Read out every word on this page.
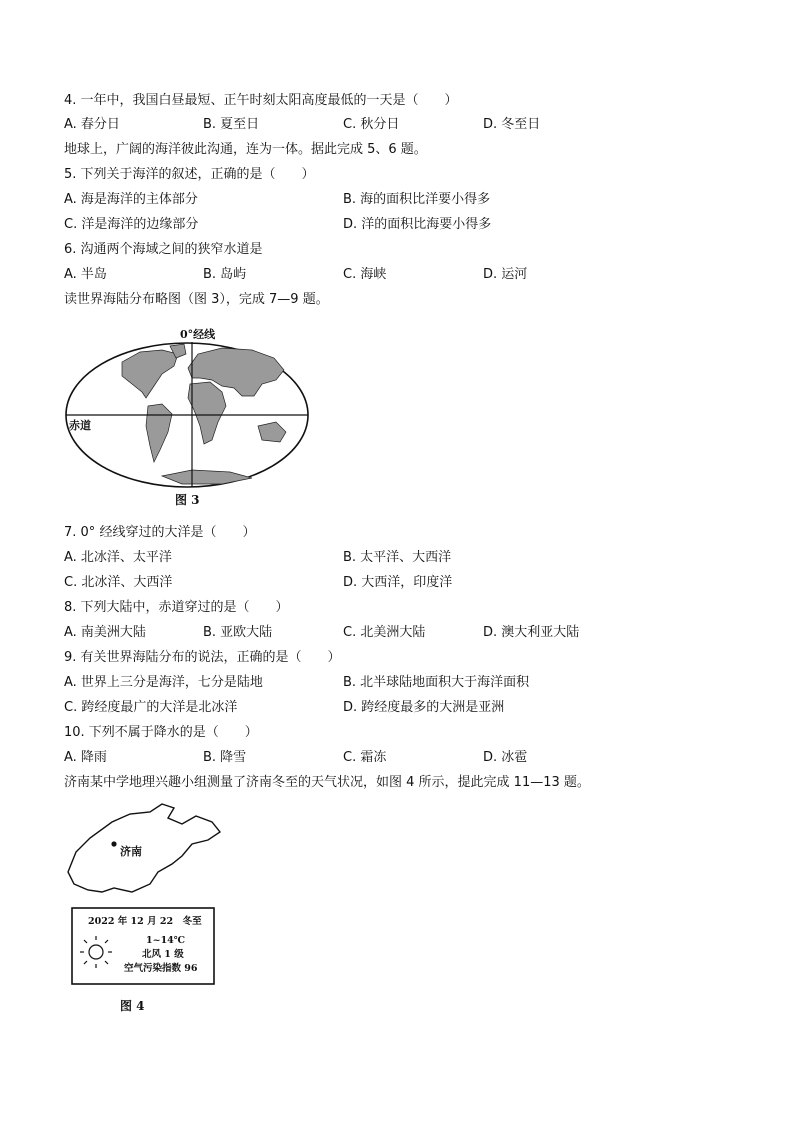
4. 一年中，我国白昼最短、正午时刻太阳高度最低的一天是（　　）
A. 春分日	B. 夏至日	C. 秋分日	D. 冬至日
地球上，广阔的海洋彼此沟通，连为一体。据此完成 5、6 题。
5. 下列关于海洋的叙述，正确的是（　　）
A. 海是海洋的主体部分	B. 海的面积比洋要小得多
C. 洋是海洋的边缘部分	D. 洋的面积比海要小得多
6. 沟通两个海域之间的狭窄水道是
A. 半岛	B. 岛屿	C. 海峡	D. 运河
读世界海陆分布略图（图 3），完成 7—9 题。
0°经线
赤道
图 3
7. 0° 经线穿过的大洋是（　　）
A. 北冰洋、太平洋	B. 太平洋、大西洋
C. 北冰洋、大西洋	D. 大西洋，印度洋
8. 下列大陆中，赤道穿过的是（　　）
A. 南美洲大陆	B. 亚欧大陆	C. 北美洲大陆	D. 澳大利亚大陆
9. 有关世界海陆分布的说法，正确的是（　　）
A. 世界上三分是海洋，七分是陆地	B. 北半球陆地面积大于海洋面积
C. 跨经度最广的大洋是北冰洋	D. 跨经度最多的大洲是亚洲
10. 下列不属于降水的是（　　）
A. 降雨	B. 降雪	C. 霜冻	D. 冰雹
济南某中学地理兴趣小组测量了济南冬至的天气状况，如图 4 所示，提此完成 11—13 题。
济南
2022 年 12 月 22　冬至
1~14℃
北风 1 级
空气污染指数 96
图 4
